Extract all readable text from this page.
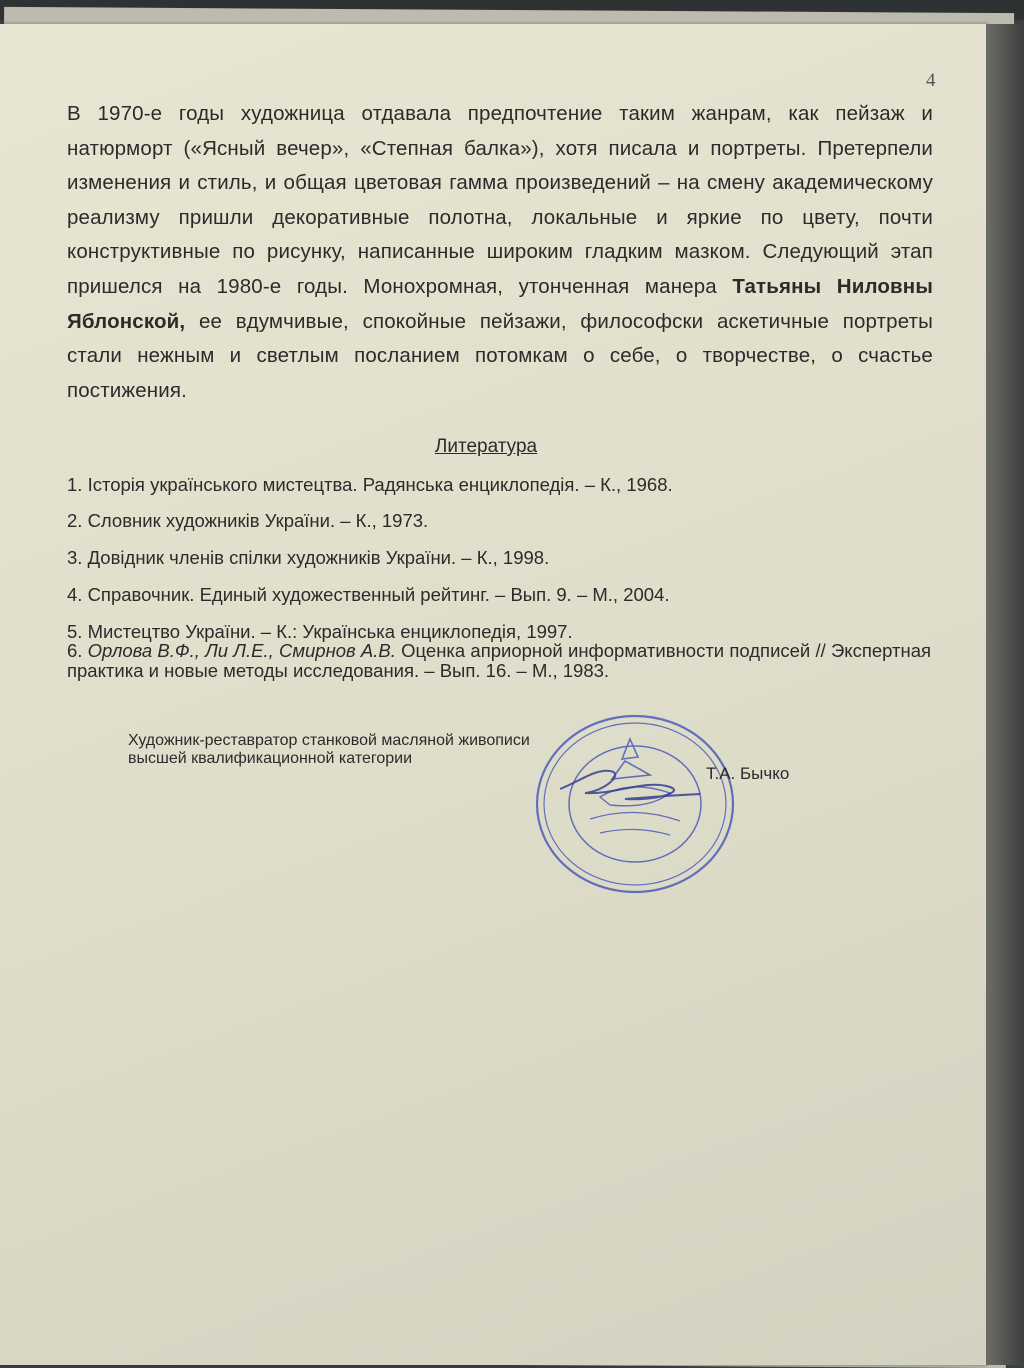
4

В 1970-е годы художница отдавала предпочтение таким жанрам, как пейзаж и натюрморт («Ясный вечер», «Степная балка»), хотя писала и портреты. Претерпели изменения и стиль, и общая цветовая гамма произведений – на смену академическому реализму пришли декоративные полотна, локальные и яркие по цвету, почти конструктивные по рисунку, написанные широким гладким мазком. Следующий этап пришелся на 1980-е годы. Монохромная, утонченная манера Татьяны Ниловны Яблонской, ее вдумчивые, спокойные пейзажи, философски аскетичные портреты стали нежным и светлым посланием потомкам о себе, о творчестве, о счастье постижения.

Литература
1. Історія українського мистецтва. Радянська енциклопедія. – К., 1968.
2. Словник художників України. – К., 1973.
3. Довідник членів спілки художників України. – К., 1998.
4. Справочник. Единый художественный рейтинг. – Вып. 9. – М., 2004.
5. Мистецтво України. – К.: Українська енциклопедія, 1997.
6. Орлова В.Ф., Ли Л.Е., Смирнов А.В. Оценка априорной информативности подписей // Экспертная практика и новые методы исследования. – Вып. 16. – М., 1983.
Художник-реставратор станковой масляной живописи
высшей квалификационной категории
Т.А. Бычко
